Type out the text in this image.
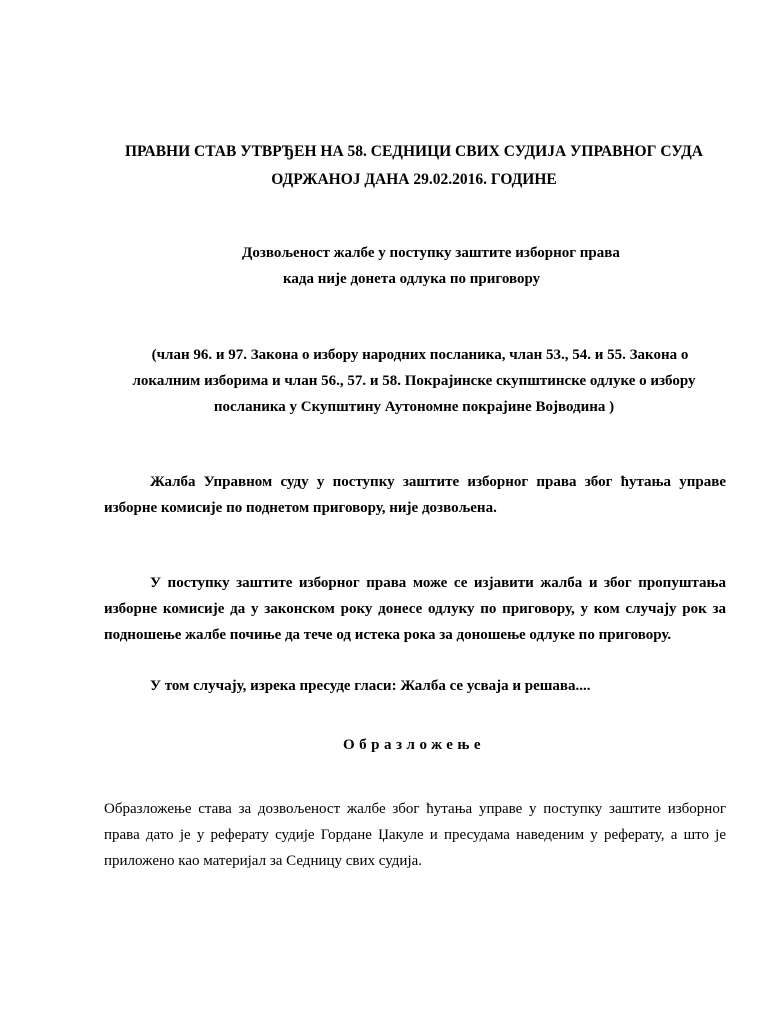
ПРАВНИ СТАВ УТВРЂЕН НА 58. СЕДНИЦИ СВИХ СУДИЈА УПРАВНОГ СУДА
ОДРЖАНОЈ ДАНА 29.02.2016. ГОДИНЕ
Дозвољеност жалбе у поступку заштите изборног права
када није донета одлука по приговору
(члан 96. и 97. Закона о избору народних посланика, члан 53., 54. и 55. Закона о
локалним изборима и члан 56., 57. и 58. Покрајинске скупштинске одлуке о избору
посланика у Скупштину Аутономне покрајине Војводина )
Жалба Управном суду у поступку заштите изборног права због ћутања управе
изборне комисије по поднетом приговору, није дозвољена.
У поступку заштите изборног права може се изјавити жалба и због пропуштања
изборне комисије да у законском року донесе одлуку по приговору, у ком случају рок за
подношење жалбе почиње да тече од истека рока за доношење одлуке по приговору.
У том случају, изрека пресуде гласи: Жалба се усваја и решава....
Образложење
Образложење става за дозвољеност жалбе због ћутања управе у поступку заштите изборног
права дато је у реферату судије Гордане Џакуле и пресудама наведеним у реферату, а што је
приложено као материјал за Седницу свих судија.
